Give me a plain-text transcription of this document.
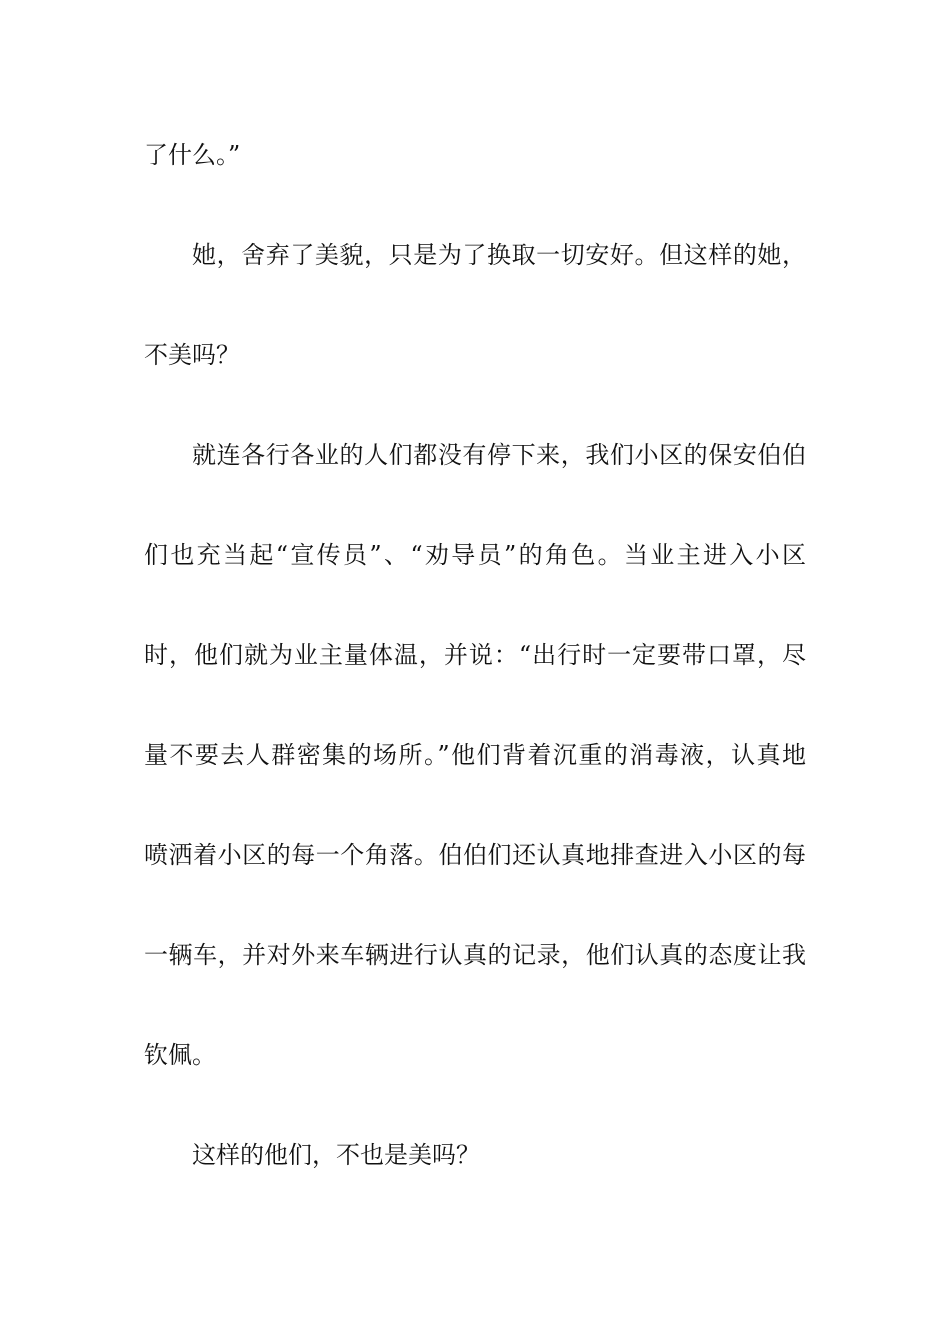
了什么。”
她，舍弃了美貌，只是为了换取一切安好。但这样的她，
不美吗？
就连各行各业的人们都没有停下来，我们小区的保安伯伯
们也充当起“宣传员”、“劝导员”的角色。当业主进入小区
时，他们就为业主量体温，并说：“出行时一定要带口罩，尽
量不要去人群密集的场所。”他们背着沉重的消毒液，认真地
喷洒着小区的每一个角落。伯伯们还认真地排查进入小区的每
一辆车，并对外来车辆进行认真的记录，他们认真的态度让我
钦佩。
这样的他们，不也是美吗？
